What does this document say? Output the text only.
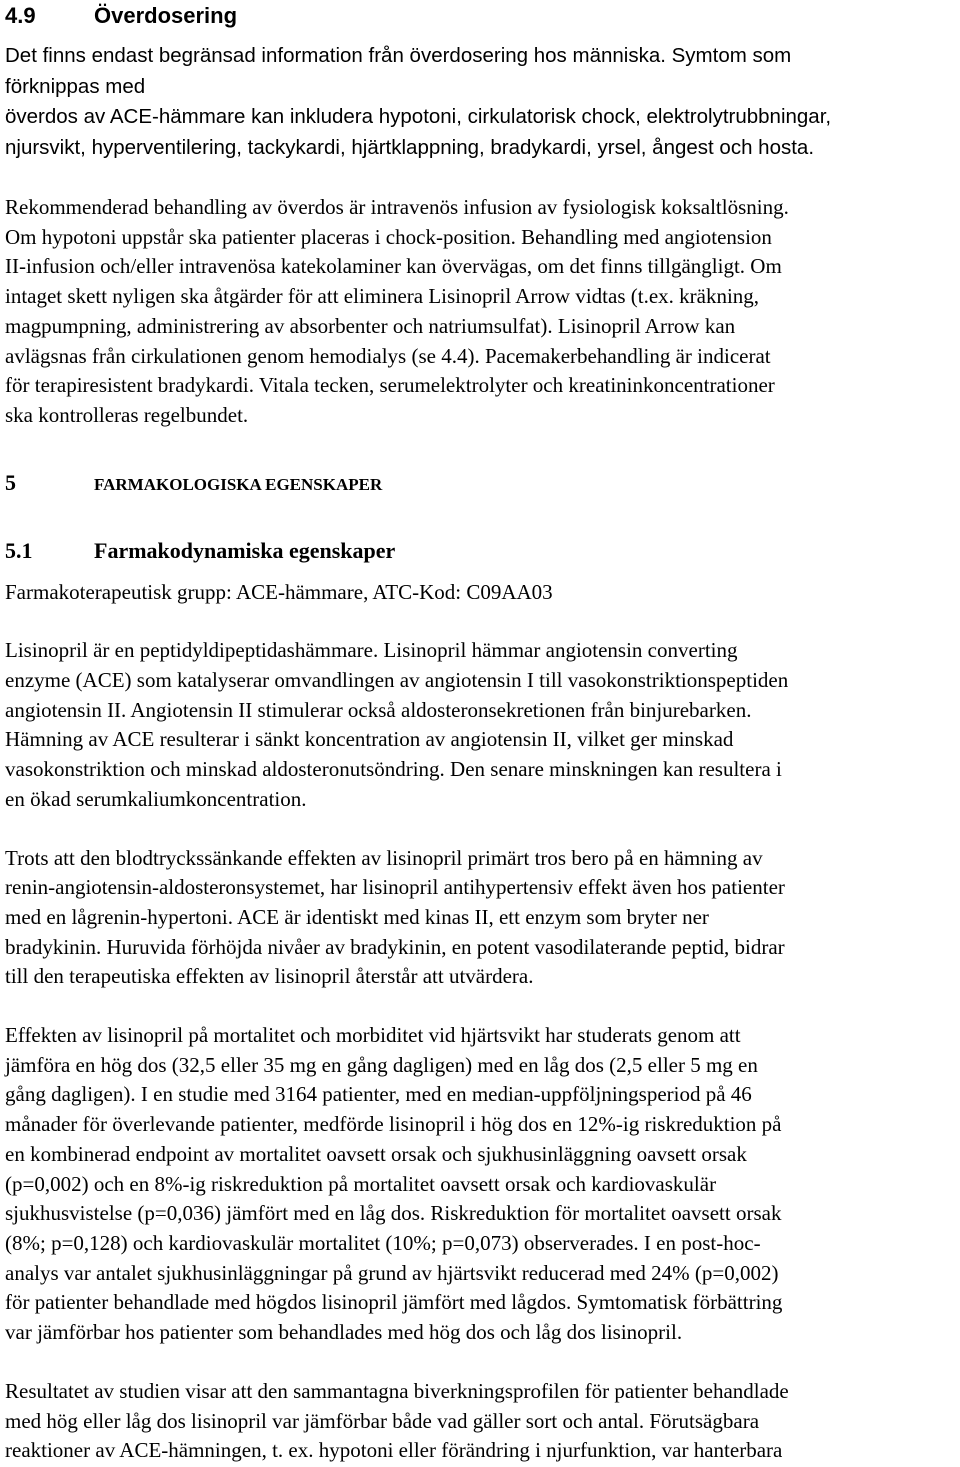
4.9	Överdosering

Det finns endast begränsad information från överdosering hos människa. Symtom som
förknippas med
överdos av ACE-hämmare kan inkludera hypotoni, cirkulatorisk chock, elektrolytrubbningar,
njursvikt, hyperventilering, tackykardi, hjärtklappning, bradykardi, yrsel, ångest och hosta.

Rekommenderad behandling av överdos är intravenös infusion av fysiologisk koksaltlösning.
Om hypotoni uppstår ska patienter placeras i chock-position. Behandling med angiotension
II-infusion och/eller intravenösa katekolaminer kan övervägas, om det finns tillgängligt. Om
intaget skett nyligen ska åtgärder för att eliminera Lisinopril Arrow vidtas (t.ex. kräkning,
magpumpning, administrering av absorbenter och natriumsulfat). Lisinopril Arrow kan
avlägsnas från cirkulationen genom hemodialys (se 4.4). Pacemakerbehandling är indicerat
för terapiresistent bradykardi. Vitala tecken, serumelektrolyter och kreatininkoncentrationer
ska kontrolleras regelbundet.

5	FARMAKOLOGISKA EGENSKAPER
5.1	Farmakodynamiska egenskaper

Farmakoterapeutisk grupp: ACE-hämmare, ATC-Kod: C09AA03

Lisinopril är en peptidyldipeptidashämmare. Lisinopril hämmar angiotensin converting
enzyme (ACE) som katalyserar omvandlingen av angiotensin I till vasokonstriktionspeptiden
angiotensin II. Angiotensin II stimulerar också aldosteronsekretionen från binjurebarken.
Hämning av ACE resulterar i sänkt koncentration av angiotensin II, vilket ger minskad
vasokonstriktion och minskad aldosteronutsöndring. Den senare minskningen kan resultera i
en ökad serumkaliumkoncentration.

Trots att den blodtryckssänkande effekten av lisinopril primärt tros bero på en hämning av
renin-angiotensin-aldosteronsystemet, har lisinopril antihypertensiv effekt även hos patienter
med en lågrenin-hypertoni. ACE är identiskt med kinas II, ett enzym som bryter ner
bradykinin. Huruvida förhöjda nivåer av bradykinin, en potent vasodilaterande peptid, bidrar
till den terapeutiska effekten av lisinopril återstår att utvärdera.

Effekten av lisinopril på mortalitet och morbiditet vid hjärtsvikt har studerats genom att
jämföra en hög dos (32,5 eller 35 mg en gång dagligen) med en låg dos (2,5 eller 5 mg en
gång dagligen). I en studie med 3164 patienter, med en median-uppföljningsperiod på 46
månader för överlevande patienter, medförde lisinopril i hög dos en 12%-ig riskreduktion på
en kombinerad endpoint av mortalitet oavsett orsak och sjukhusinläggning oavsett orsak
(p=0,002) och en 8%-ig riskreduktion på mortalitet oavsett orsak och kardiovaskulär
sjukhusvistelse (p=0,036) jämfört med en låg dos. Riskreduktion för mortalitet oavsett orsak
(8%; p=0,128) och kardiovaskulär mortalitet (10%; p=0,073) observerades. I en post-hoc-
analys var antalet sjukhusinläggningar på grund av hjärtsvikt reducerad med 24% (p=0,002)
för patienter behandlade med högdos lisinopril jämfört med lågdos. Symtomatisk förbättring
var jämförbar hos patienter som behandlades med hög dos och låg dos lisinopril.

Resultatet av studien visar att den sammantagna biverkningsprofilen för patienter behandlade
med hög eller låg dos lisinopril var jämförbar både vad gäller sort och antal. Förutsägbara
reaktioner av ACE-hämningen, t. ex. hypotoni eller förändring i njurfunktion, var hanterbara
